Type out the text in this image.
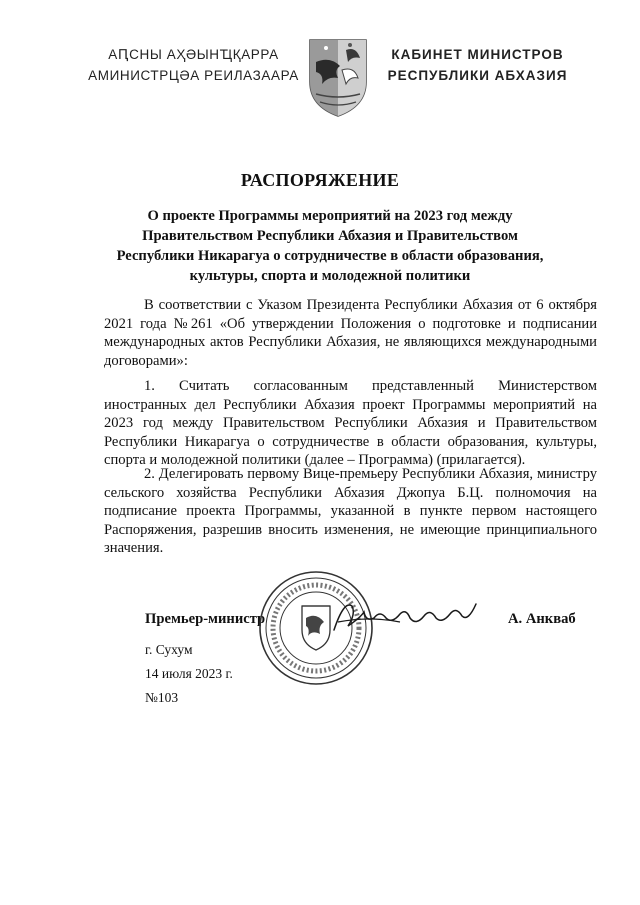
АԤСНЫ АҲӘЫНҴҚАРРА
АМИНИСТРЦӘА РЕИЛАЗААРА
КАБИНЕТ МИНИСТРОВ
РЕСПУБЛИКИ АБХАЗИЯ
РАСПОРЯЖЕНИЕ
О проекте Программы мероприятий на 2023 год между
Правительством Республики Абхазия и Правительством
Республики Никарагуа о сотрудничестве в области образования,
культуры, спорта и молодежной политики

В соответствии с Указом Президента Республики Абхазия от 6 октября 2021 года №261 «Об утверждении Положения о подготовке и подписании международных актов Республики Абхазия, не являющихся международными договорами»:

1. Считать согласованным представленный Министерством иностранных дел Республики Абхазия проект Программы мероприятий на 2023 год между Правительством Республики Абхазия и Правительством Республики Никарагуа о сотрудничестве в области образования, культуры, спорта и молодежной политики (далее – Программа) (прилагается).

2. Делегировать первому Вице-премьеру Республики Абхазия, министру сельского хозяйства Республики Абхазия Джопуа Б.Ц. полномочия на подписание проекта Программы, указанной в пункте первом настоящего Распоряжения, разрешив вносить изменения, не имеющие принципиального значения.

Премьер-министр	А. Анкваб
г. Сухум
14 июля 2023 г.
№103
